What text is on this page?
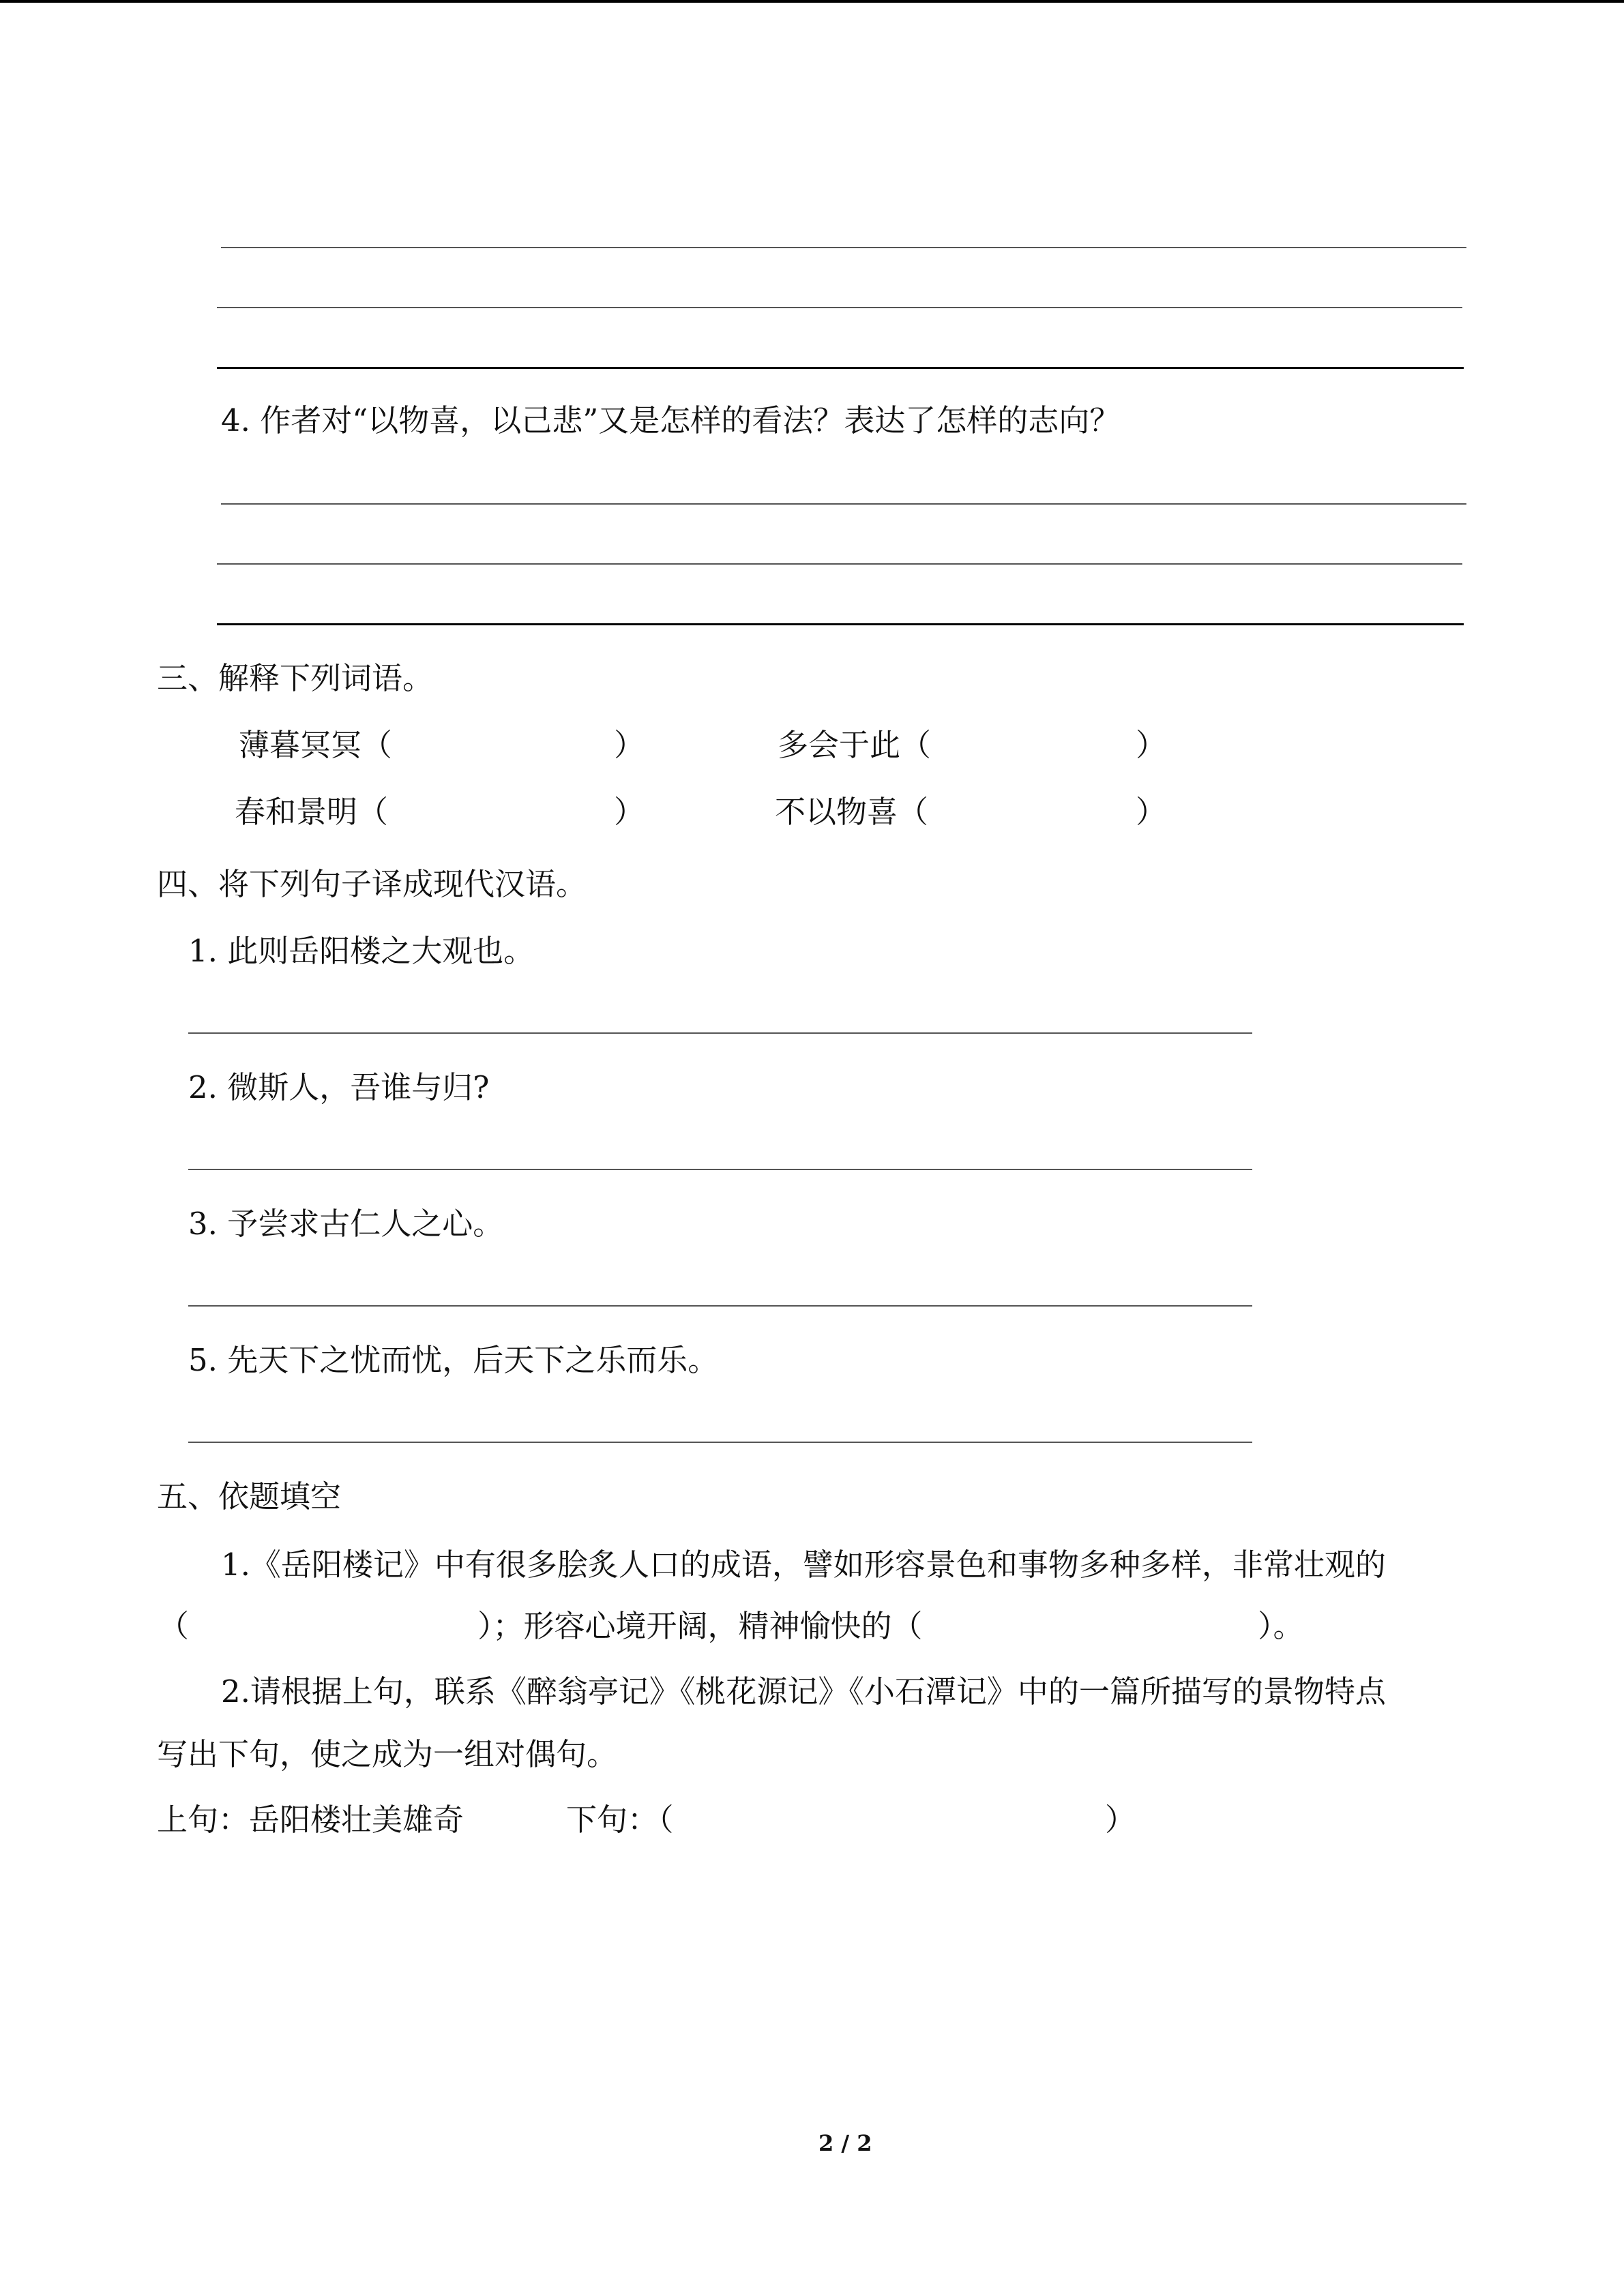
4. 作者对“以物喜，以己悲”又是怎样的看法？表达了怎样的志向？
三、解释下列词语。
薄暮冥冥（	）	多会于此（	）
春和景明（	）	不以物喜（	）
四、将下列句子译成现代汉语。
1. 此则岳阳楼之大观也。
2. 微斯人，吾谁与归?
3. 予尝求古仁人之心。
5. 先天下之忧而忧，后天下之乐而乐。
五、依题填空
1.《岳阳楼记》中有很多脍炙人口的成语，譬如形容景色和事物多种多样，非常壮观的
（	）；形容心境开阔，精神愉快的（	）。
2.请根据上句，联系《醉翁亭记》《桃花源记》《小石潭记》中的一篇所描写的景物特点
写出下句，使之成为一组对偶句。
上句：岳阳楼壮美雄奇	下句：（	）
2 / 2
